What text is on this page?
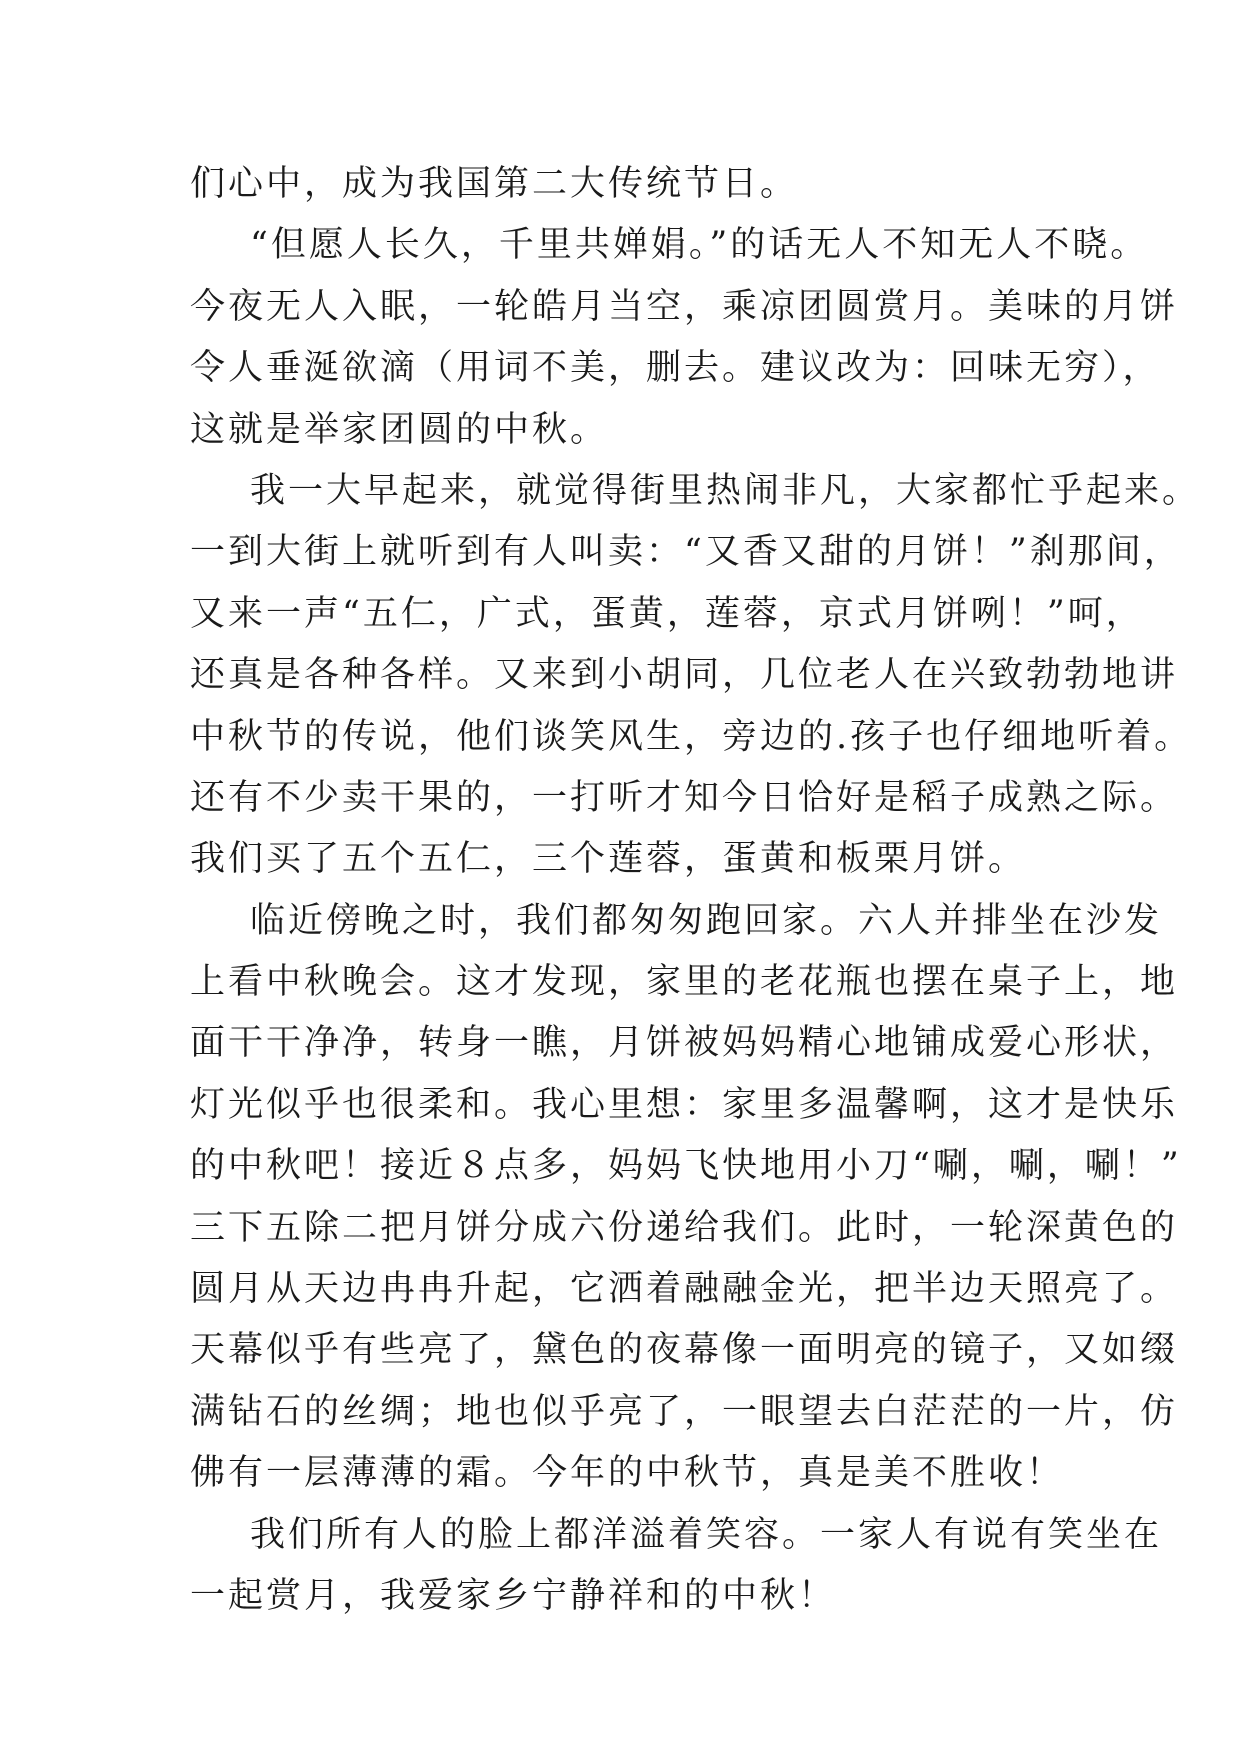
们心中，成为我国第二大传统节日。
“但愿人长久，千里共婵娟。”的话无人不知无人不晓。
今夜无人入眠，一轮皓月当空，乘凉团圆赏月。美味的月饼
令人垂涎欲滴（用词不美，删去。建议改为：回味无穷），
这就是举家团圆的中秋。
我一大早起来，就觉得街里热闹非凡，大家都忙乎起来。
一到大街上就听到有人叫卖：“又香又甜的月饼！”刹那间，
又来一声“五仁，广式，蛋黄，莲蓉，京式月饼咧！”呵，
还真是各种各样。又来到小胡同，几位老人在兴致勃勃地讲
中秋节的传说，他们谈笑风生，旁边的.孩子也仔细地听着。
还有不少卖干果的，一打听才知今日恰好是稻子成熟之际。
我们买了五个五仁，三个莲蓉，蛋黄和板栗月饼。
临近傍晚之时，我们都匆匆跑回家。六人并排坐在沙发
上看中秋晚会。这才发现，家里的老花瓶也摆在桌子上，地
面干干净净，转身一瞧，月饼被妈妈精心地铺成爱心形状，
灯光似乎也很柔和。我心里想：家里多温馨啊，这才是快乐
的中秋吧！接近８点多，妈妈飞快地用小刀“唰，唰，唰！”
三下五除二把月饼分成六份递给我们。此时，一轮深黄色的
圆月从天边冉冉升起，它洒着融融金光，把半边天照亮了。
天幕似乎有些亮了，黛色的夜幕像一面明亮的镜子，又如缀
满钻石的丝绸；地也似乎亮了，一眼望去白茫茫的一片，仿
佛有一层薄薄的霜。今年的中秋节，真是美不胜收！
我们所有人的脸上都洋溢着笑容。一家人有说有笑坐在
一起赏月，我爱家乡宁静祥和的中秋！
